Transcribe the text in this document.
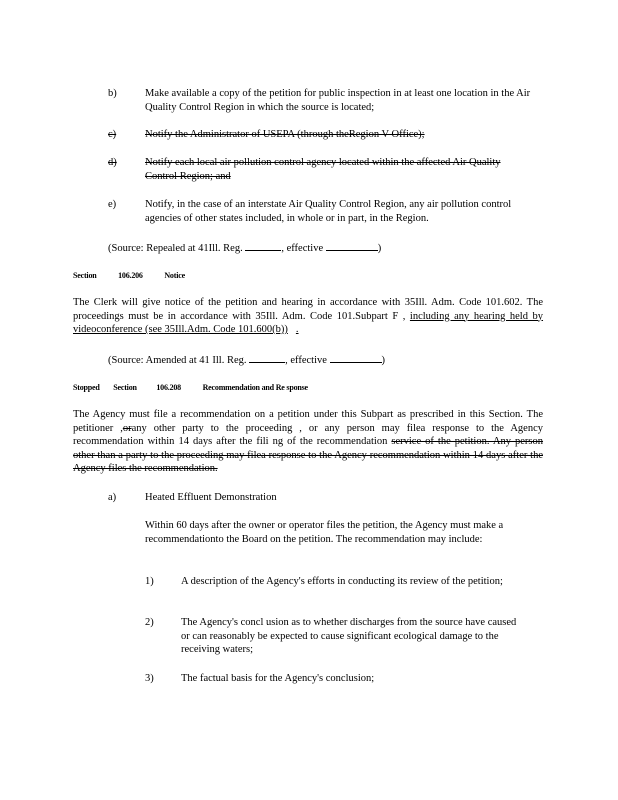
b)	Make available a copy of the petition for public inspection in at least one location in the Air Quality Control Region in which the source is located;
c)	Notify the Administrator of USEPA (through theRegion V Office);
d)	Notify each local air pollution control agency located within the affected Air Quality Control Region; and
e)	Notify, in the case of an interstate Air Quality Control Region, any air pollution control agencies of other states included, in whole or in part, in the Region.
(Source: Repealed at 41Ill. Reg.	, effective	)
Section	106.206	Notice
The Clerk will give notice of the petition and hearing in accordance with 35Ill. Adm. Code 101.602. The proceedings must be in accordance with 35Ill. Adm. Code 101.Subpart F , including any hearing held by videoconference (see 35Ill.Adm. Code 101.600(b)) .
(Source: Amended at 41 Ill. Reg.	, effective	)
Stopped Section 106.208	Recommendation and Re sponse
The Agency must file a recommendation on a petition under this Subpart as prescribed in this Section. The petitioner ,orany other party to the proceeding , or any person may filea response to the Agency recommendation within 14 days after the fili ng of the recommendation service of the petition. Any person other than a party to the proceeding may filea response to the Agency recommendation within 14 days after the Agency files the recommendation.
a)	Heated Effluent Demonstration
Within 60 days after the owner or operator files the petition, the Agency must make a recommendationto the Board on the petition. The recommendation may include:
1)	A description of the Agency's efforts in conducting its review of the petition;
2)	The Agency's concl usion as to whether discharges from the source have caused or can reasonably be expected to cause significant ecological damage to the receiving waters;
3)	The factual basis for the Agency's conclusion;
